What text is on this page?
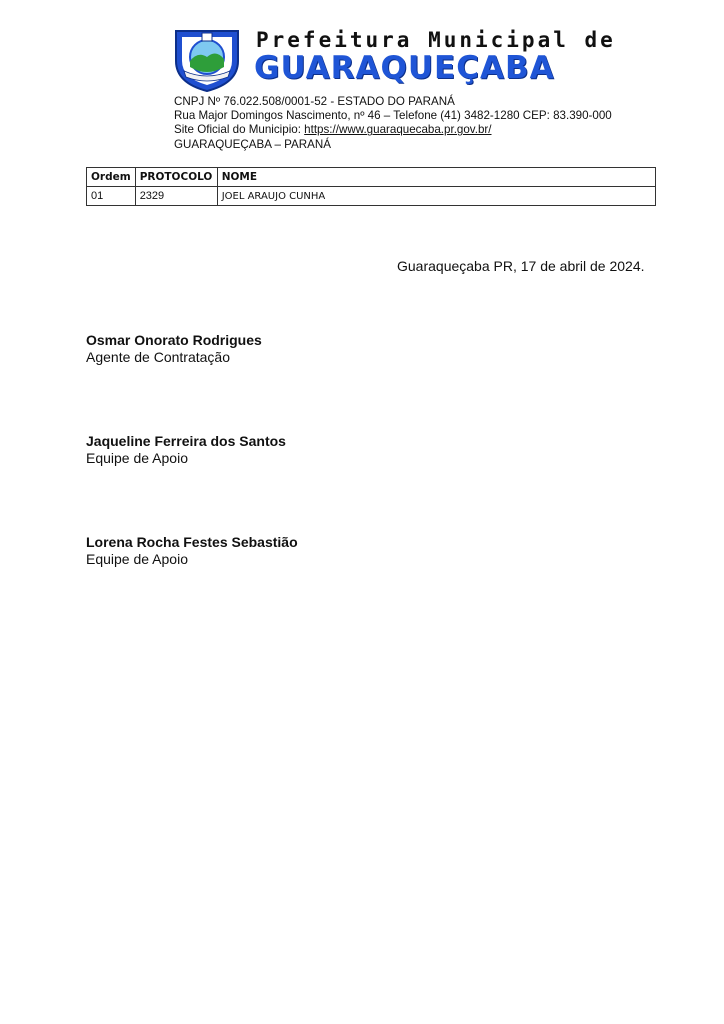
Prefeitura Municipal de
GUARAQUEÇABA
CNPJ Nº 76.022.508/0001-52 - ESTADO DO PARANÁ
Rua Major Domingos Nascimento, nº 46 – Telefone (41) 3482-1280 CEP: 83.390-000
Site Oficial do Municipio: https://www.guaraquecaba.pr.gov.br/
GUARAQUEÇABA – PARANÁ
Ordem	PROTOCOLO	NOME
01	2329	JOEL ARAUJO CUNHA
Guaraqueçaba PR, 17 de abril de 2024.
Osmar Onorato Rodrigues
Agente de Contratação
Jaqueline Ferreira dos Santos
Equipe de Apoio
Lorena Rocha Festes Sebastião
Equipe de Apoio
